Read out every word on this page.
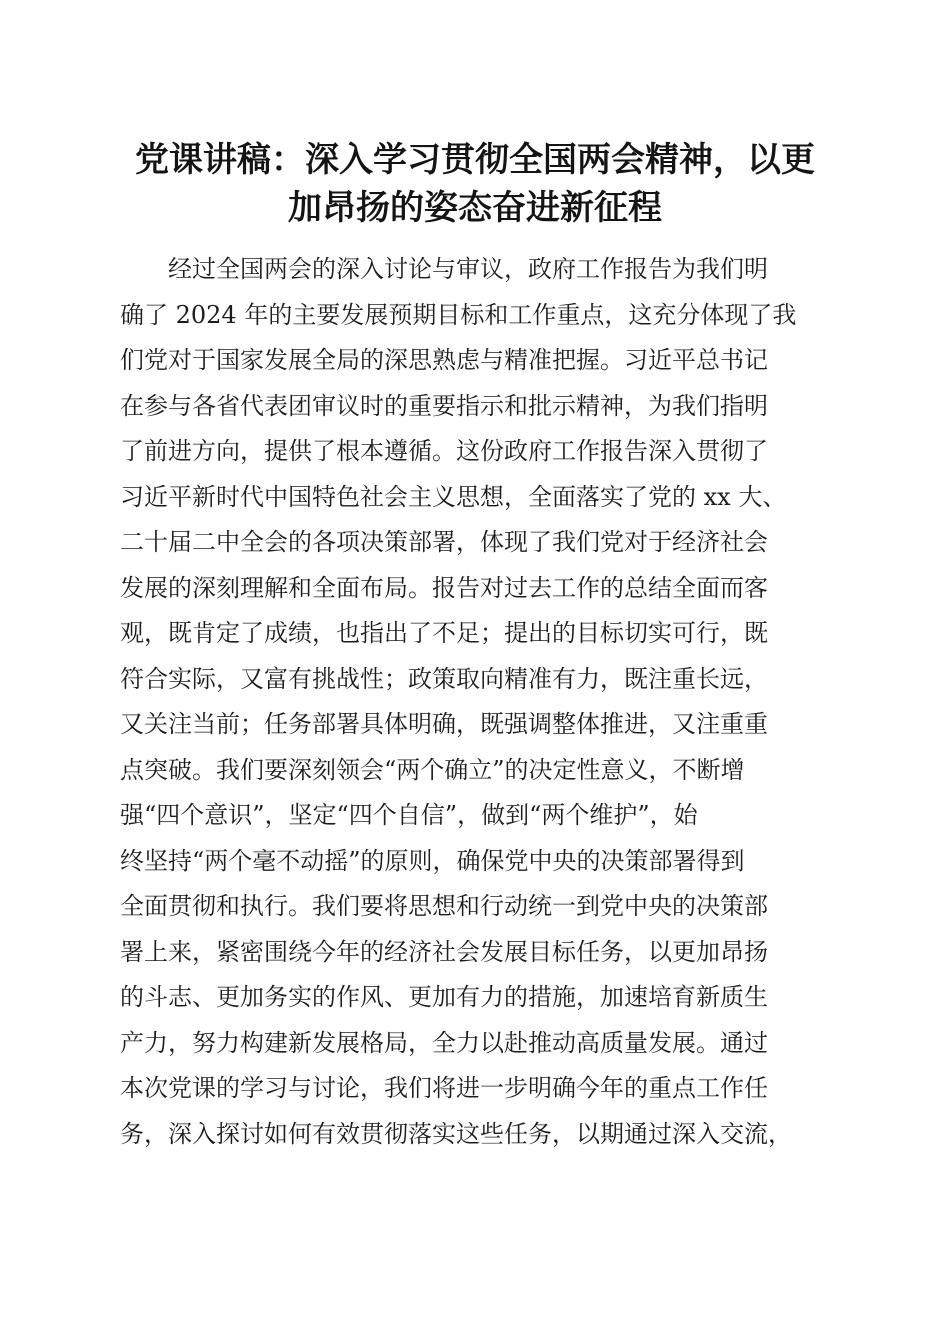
党课讲稿：深入学习贯彻全国两会精神，以更
加昂扬的姿态奋进新征程
经过全国两会的深入讨论与审议，政府工作报告为我们明
确了 2024 年的主要发展预期目标和工作重点，这充分体现了我
们党对于国家发展全局的深思熟虑与精准把握。习近平总书记
在参与各省代表团审议时的重要指示和批示精神，为我们指明
了前进方向，提供了根本遵循。这份政府工作报告深入贯彻了
习近平新时代中国特色社会主义思想，全面落实了党的 xx 大、
二十届二中全会的各项决策部署，体现了我们党对于经济社会
发展的深刻理解和全面布局。报告对过去工作的总结全面而客
观，既肯定了成绩，也指出了不足；提出的目标切实可行，既
符合实际，又富有挑战性；政策取向精准有力，既注重长远，
又关注当前；任务部署具体明确，既强调整体推进，又注重重
点突破。我们要深刻领会“两个确立”的决定性意义，不断增
强“四个意识”，坚定“四个自信”，做到“两个维护”，始
终坚持“两个毫不动摇”的原则，确保党中央的决策部署得到
全面贯彻和执行。我们要将思想和行动统一到党中央的决策部
署上来，紧密围绕今年的经济社会发展目标任务，以更加昂扬
的斗志、更加务实的作风、更加有力的措施，加速培育新质生
产力，努力构建新发展格局，全力以赴推动高质量发展。通过
本次党课的学习与讨论，我们将进一步明确今年的重点工作任
务，深入探讨如何有效贯彻落实这些任务，以期通过深入交流，
